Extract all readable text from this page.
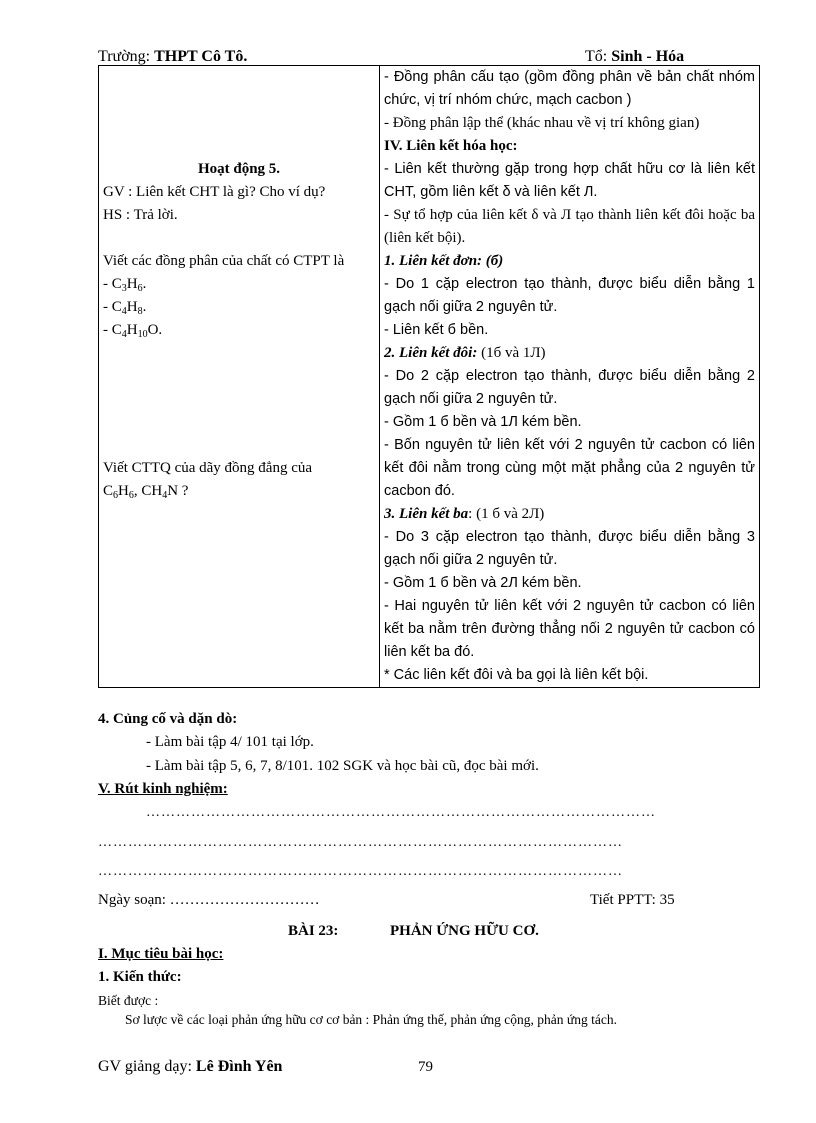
Trường: THPT Cô Tô.	Tổ: Sinh - Hóa
Hoạt động 5.
GV : Liên kết CHT là gì? Cho ví dụ?
HS : Trả lời.
Viết các đồng phân của chất có CTPT là
- $C_3H_6$.
- $C_4H_8$.
- $C_4H_{10}O$.
Viết CTTQ của dãy đồng đẳng của
$C_6H_6$, $CH_4N$ ?

- Đồng phân cấu tạo (gồm đồng phân về bản chất nhóm chức, vị trí nhóm chức, mạch cacbon )
- Đồng phân lập thể (khác nhau về vị trí không gian)
IV. Liên kết hóa học:
- Liên kết thường gặp trong hợp chất hữu cơ là liên kết CHT, gồm liên kết δ và liên kết Л.
- Sự tổ hợp của liên kết δ và Л tạo thành liên kết đôi hoặc ba (liên kết bội).
1. Liên kết đơn: (б)
- Do 1 cặp electron tạo thành, được biểu diễn bằng 1 gạch nối giữa 2 nguyên tử.
- Liên kết б bền.
2. Liên kết đôi: (1б và 1Л)
- Do 2 cặp electron tạo thành, được biểu diễn bằng 2 gạch nối giữa 2 nguyên tử.
- Gồm 1 б bền và 1Л kém bền.
- Bốn nguyên tử liên kết với 2 nguyên tử cacbon có liên kết đôi nằm trong cùng một mặt phẳng của 2 nguyên tử cacbon đó.
3. Liên kết ba: (1 б và 2Л)
- Do 3 cặp electron tạo thành, được biểu diễn bằng 3 gạch nối giữa 2 nguyên tử.
- Gồm 1 б bền và 2Л kém bền.
- Hai nguyên tử liên kết với 2 nguyên tử cacbon có liên kết ba nằm trên đường thẳng nối 2 nguyên tử cacbon có liên kết ba đó.
* Các liên kết đôi và ba gọi là liên kết bội.
4. Củng cố và dặn dò:
- Làm bài tập 4/ 101 tại lớp.
- Làm bài tập 5, 6, 7, 8/101. 102 SGK và học bài cũ, đọc bài mới.
V. Rút kinh nghiệm:
…………………………………………………………………………………………
……………………………………………………………………………………………
……………………………………………………………………………………………
Ngày soạn: …………………………	Tiết PPTT: 35
BÀI 23:	PHẢN ỨNG HỮU CƠ.
I. Mục tiêu bài học:
1. Kiến thức:
Biết được :
Sơ lược về các loại phản ứng hữu cơ cơ bản : Phản ứng thế, phản ứng cộng, phản ứng tách.
GV giảng dạy: Lê Đình Yên	79
